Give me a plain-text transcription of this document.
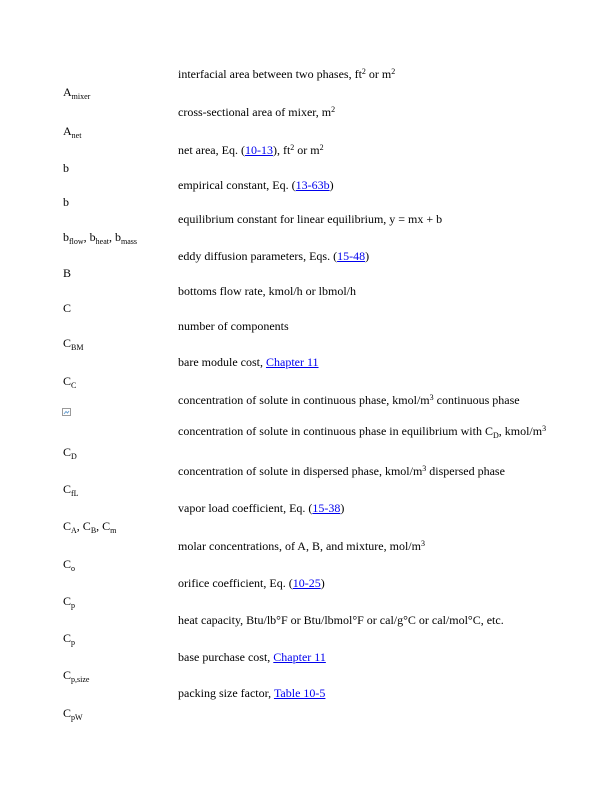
interfacial area between two phases, $ft^2$ or $m^2$
$A_{mixer}$
cross-sectional area of mixer, $m^2$
$A_{net}$
net area, Eq. (10-13), $ft^2$ or $m^2$
b
empirical constant, Eq. (13-63b)
b
equilibrium constant for linear equilibrium, y = mx + b
$b_{flow}$, $b_{heat}$, $b_{mass}$
eddy diffusion parameters, Eqs. (15-48)
B
bottoms flow rate, kmol/h or lbmol/h
C
number of components
$C_{BM}$
bare module cost, Chapter 11
$C_C$
concentration of solute in continuous phase, kmol/$m^3$ continuous phase
concentration of solute in continuous phase in equilibrium with $C_D$, kmol/$m^3$
$C_D$
concentration of solute in dispersed phase, kmol/$m^3$ dispersed phase
$C_{fL}$
vapor load coefficient, Eq. (15-38)
$C_A$, $C_B$, $C_m$
molar concentrations, of A, B, and mixture, mol/$m^3$
$C_o$
orifice coefficient, Eq. (10-25)
$C_p$
heat capacity, Btu/lb°F or Btu/lbmol°F or cal/g°C or cal/mol°C, etc.
$C_p$
base purchase cost, Chapter 11
$C_{p,size}$
packing size factor, Table 10-5
$C_{pW}$
